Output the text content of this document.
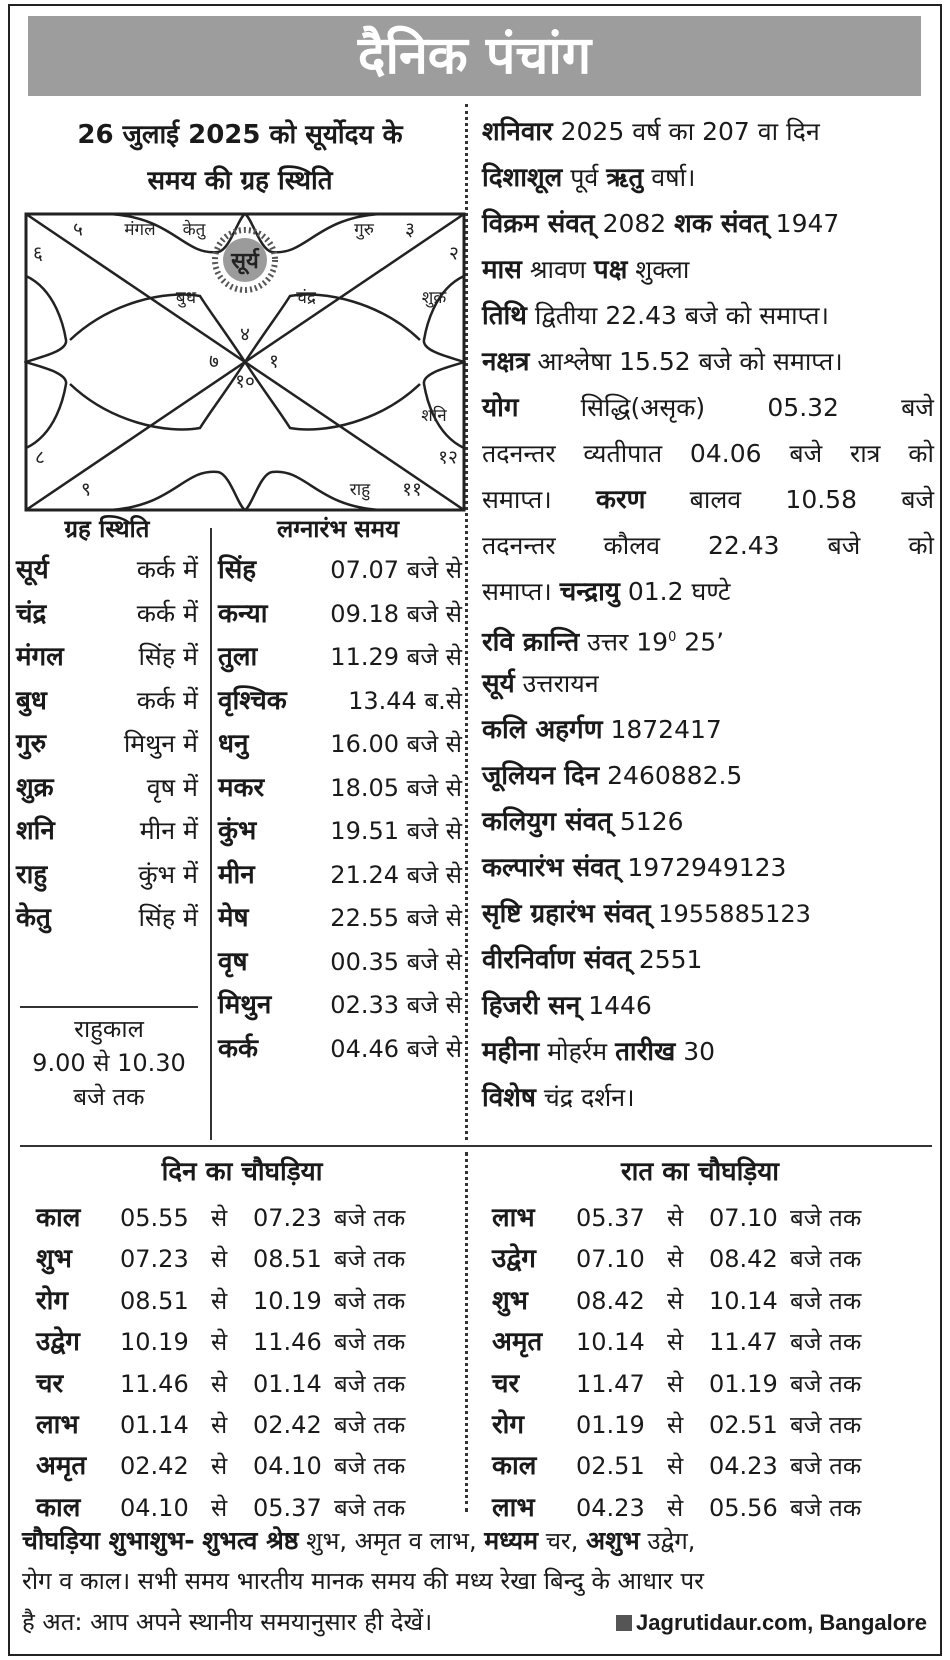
दैनिक पंचांग
26 जुलाई 2025 को सूर्योदय के
समय की ग्रह स्थिति
सूर्य
४
बुध	चंद्र
३
गुरु
२
शुक्र
१
१२
शनि
११
राहु
१०
९
८
७
६
५ मंगल केतु
ग्रह स्थिति
सूर्य	कर्क में
चंद्र	कर्क में
मंगल	सिंह में
बुध	कर्क में
गुरु	मिथुन में
शुक्र	वृष में
शनि	मीन में
राहु	कुंभ में
केतु	सिंह में
राहुकाल
9.00 से 10.30
बजे तक
लग्नारंभ समय
सिंह	07.07 बजे से
कन्या	09.18 बजे से
तुला	11.29 बजे से
वृश्चिक	13.44 ब.से
धनु	16.00 बजे से
मकर	18.05 बजे से
कुंभ	19.51 बजे से
मीन	21.24 बजे से
मेष	22.55 बजे से
वृष	00.35 बजे से
मिथुन 02.33 बजे से
कर्क	04.46 बजे से
शनिवार 2025 वर्ष का 207 वा दिन
दिशाशूल पूर्व ऋतु वर्षा।
विक्रम संवत् 2082 शक संवत् 1947
मास श्रावण पक्ष शुक्ला
तिथि द्वितीया 22.43 बजे को समाप्त।
नक्षत्र आश्लेषा 15.52 बजे को समाप्त।
योग सिद्धि(असृक) 05.32 बजे
तदनन्तर व्यतीपात 04.06 बजे रात्र को
समाप्त। करण बालव 10.58 बजे
तदनन्तर कौलव 22.43 बजे को
समाप्त। चन्द्रायु 01.2 घण्टे
रवि क्रान्ति उत्तर $19^0$ 25’
सूर्य उत्तरायन
कलि अहर्गण 1872417
जूलियन दिन 2460882.5
कलियुग संवत् 5126
कल्पारंभ संवत् 1972949123
सृष्टि ग्रहारंभ संवत् 1955885123
वीरनिर्वाण संवत् 2551
हिजरी सन् 1446
महीना मोहर्रम तारीख 30
विशेष चंद्र दर्शन।
दिन का चौघड़िया	रात का चौघड़िया
काल 05.55 से 07.23 बजे तक
शुभ 07.23 से 08.51 बजे तक
रोग 08.51 से 10.19 बजे तक
उद्वेग 10.19 से 11.46 बजे तक
चर 11.46 से 01.14 बजे तक
लाभ 01.14 से 02.42 बजे तक
अमृत 02.42 से 04.10 बजे तक
काल 04.10 से 05.37 बजे तक
लाभ 05.37 से 07.10 बजे तक
उद्वेग 07.10 से 08.42 बजे तक
शुभ 08.42 से 10.14 बजे तक
अमृत 10.14 से 11.47 बजे तक
चर 11.47 से 01.19 बजे तक
रोग 01.19 से 02.51 बजे तक
काल 02.51 से 04.23 बजे तक
लाभ 04.23 से 05.56 बजे तक
चौघड़िया शुभाशुभ- शुभत्व श्रेष्ठ शुभ, अमृत व लाभ, मध्यम चर, अशुभ उद्वेग,
रोग व काल। सभी समय भारतीय मानक समय की मध्य रेखा बिन्दु के आधार पर
है अत: आप अपने स्थानीय समयानुसार ही देखें।	Jagrutidaur.com, Bangalore
